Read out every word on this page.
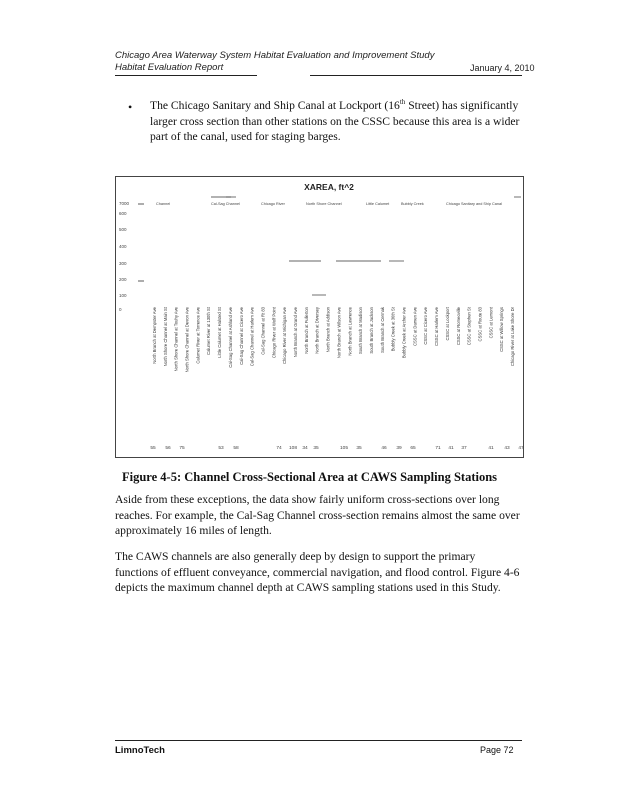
Chicago Area Waterway System Habitat Evaluation and Improvement Study
Habitat Evaluation Report	January 4, 2010
• The Chicago Sanitary and Ship Canal at Lockport (16th Street) has significantly larger cross section than other stations on the CSSC because this area is a wider part of the canal, used for staging barges.
XAREA, ft^2
7000
600
500
400
300
200
100
0
Channel	Cal-Sag Channel	Chicago River	North Shore Channel	Little Calumet	Bubbly Creek	Chicago Sanitary and Ship Canal
North Branch at Dempster Ave North Shore Channel at Main St North Shore Channel at Touhy Ave North Shore Channel at Devon Ave Calumet River at Torrence Ave Calumet River at 130th St Little Calumet at Halsted St Cal-Sag Channel at Ashland Ave Cal-Sag Channel at Cicero Ave Cal-Sag Channel at Harlem Ave Cal-Sag Channel at Rt 83 Chicago River at Wolf Point Chicago River at Michigan Ave North Branch at Grand Ave North Branch at Fullerton North Branch at Diversey North Branch at Addison North Branch at Wilson Ave North Branch at Lawrence South Branch at Madison South Branch at Jackson South Branch at Cermak Bubbly Creek at 36th St Bubbly Creek at Archer Ave CSSC at Damen Ave CSSC at Cicero Ave CSSC at Harlem Ave CSSC at Lockport CSSC at Romeoville CSSC at Stephen St CSSC at Route 83 CSSC at Lemont CSSC at Willow Springs Chicago River at Lake Shore Dr
55 56 75	53 58	74 108 34 35	105 35	46 39 65	71 41 37	41 43 47
Figure 4-5: Channel Cross-Sectional Area at CAWS Sampling Stations
Aside from these exceptions, the data show fairly uniform cross-sections over long reaches. For example, the Cal-Sag Channel cross-section remains almost the same over approximately 16 miles of length.
The CAWS channels are also generally deep by design to support the primary functions of effluent conveyance, commercial navigation, and flood control. Figure 4-6 depicts the maximum channel depth at CAWS sampling stations used in this Study.
LimnoTech	Page 72
